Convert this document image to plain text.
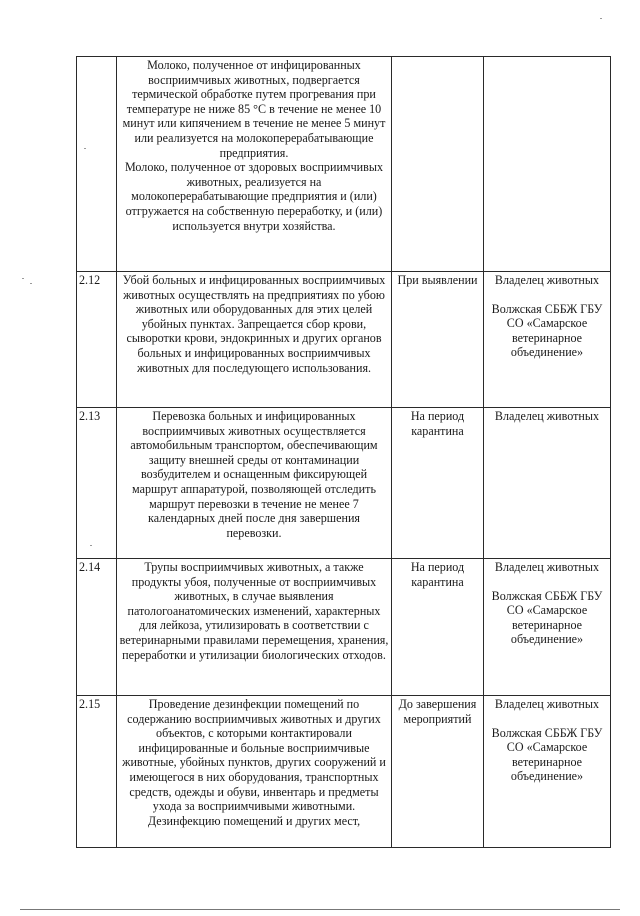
	Молоко, полученное от инфицированных восприимчивых животных, подвергается термической обработке путем прогревания при температуре не ниже 85 °С в течение не менее 10 минут или кипячением в течение не менее 5 минут или реализуется на молокоперерабатывающие предприятия.
Молоко, полученное от здоровых восприимчивых животных, реализуется на молокоперерабатывающие предприятия и (или) отгружается на собственную переработку, и (или) используется внутри хозяйства.		

2.12	Убой больных и инфицированных восприимчивых животных осуществлять на предприятиях по убою животных или оборудованных для этих целей убойных пунктах. Запрещается сбор крови, сыворотки крови, эндокринных и других органов больных и инфицированных восприимчивых животных для последующего использования.	При выявлении	Владелец животных
Волжская СББЖ ГБУ СО «Самарское ветеринарное объединение»

2.13	Перевозка больных и инфицированных восприимчивых животных осуществляется автомобильным транспортом, обеспечивающим защиту внешней среды от контаминации возбудителем и оснащенным фиксирующей маршрут аппаратурой, позволяющей отследить маршрут перевозки в течение не менее 7 календарных дней после дня завершения перевозки.	На период карантина	Владелец животных

2.14	Трупы восприимчивых животных, а также продукты убоя, полученные от восприимчивых животных, в случае выявления патологоанатомических изменений, характерных для лейкоза, утилизировать в соответствии с ветеринарными правилами перемещения, хранения, переработки и утилизации биологических отходов.	На период карантина	Владелец животных
Волжская СББЖ ГБУ СО «Самарское ветеринарное объединение»

2.15	Проведение дезинфекции помещений по содержанию восприимчивых животных и других объектов, с которыми контактировали инфицированные и больные восприимчивые животные, убойных пунктов, других сооружений и имеющегося в них оборудования, транспортных средств, одежды и обуви, инвентарь и предметы ухода за восприимчивыми животными.
Дезинфекцию помещений и других мест,	До завершения мероприятий	Владелец животных
Волжская СББЖ ГБУ СО «Самарское ветеринарное объединение»
